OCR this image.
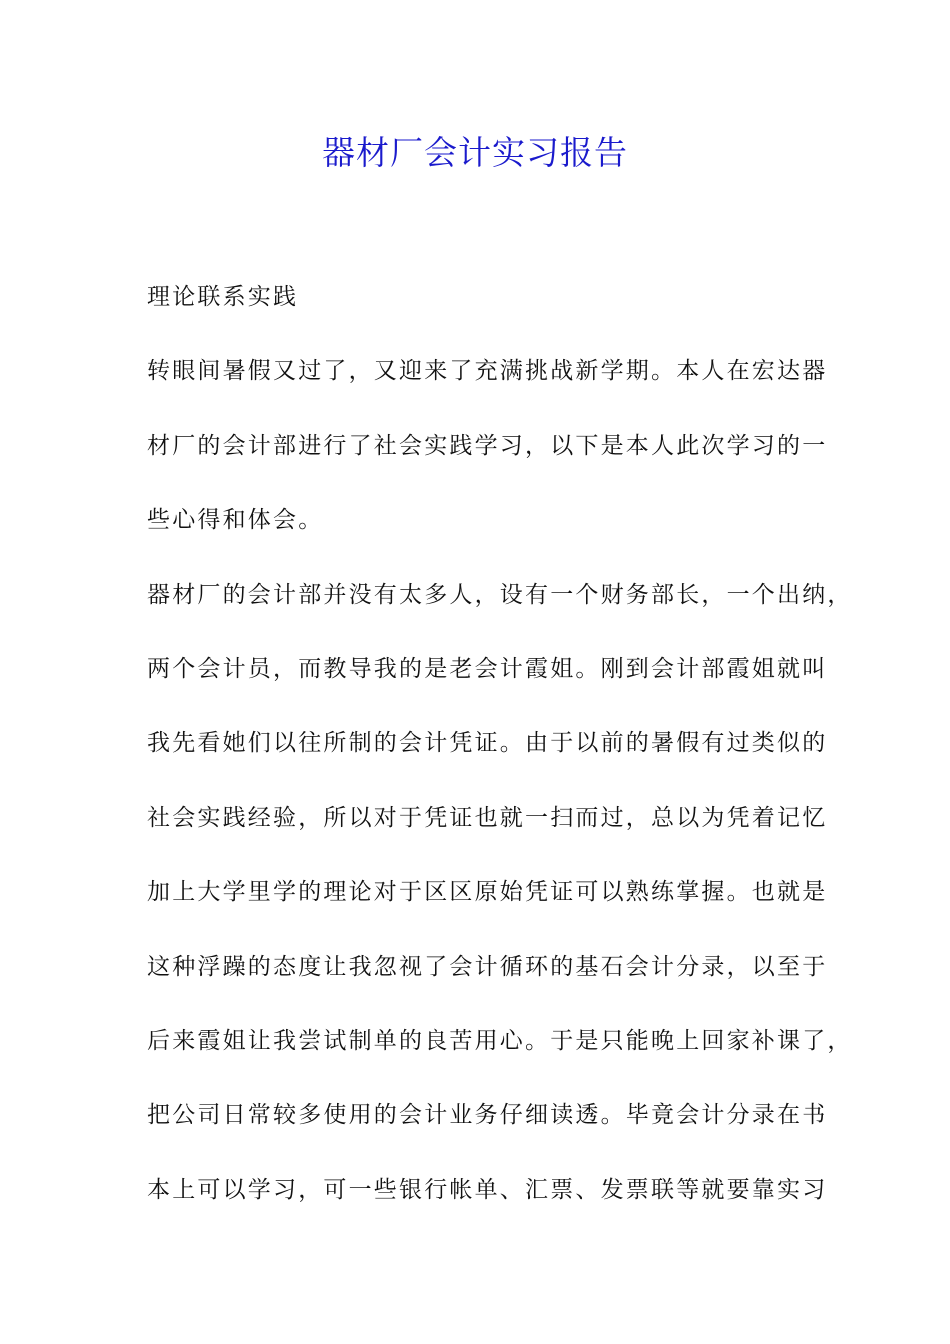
器材厂会计实习报告
理论联系实践
转眼间暑假又过了，又迎来了充满挑战新学期。本人在宏达器
材厂的会计部进行了社会实践学习，以下是本人此次学习的一
些心得和体会。
器材厂的会计部并没有太多人，设有一个财务部长，一个出纳，
两个会计员，而教导我的是老会计霞姐。刚到会计部霞姐就叫
我先看她们以往所制的会计凭证。由于以前的暑假有过类似的
社会实践经验，所以对于凭证也就一扫而过，总以为凭着记忆
加上大学里学的理论对于区区原始凭证可以熟练掌握。也就是
这种浮躁的态度让我忽视了会计循环的基石会计分录，以至于
后来霞姐让我尝试制单的良苦用心。于是只能晚上回家补课了，
把公司日常较多使用的会计业务仔细读透。毕竟会计分录在书
本上可以学习，可一些银行帐单、汇票、发票联等就要靠实习
